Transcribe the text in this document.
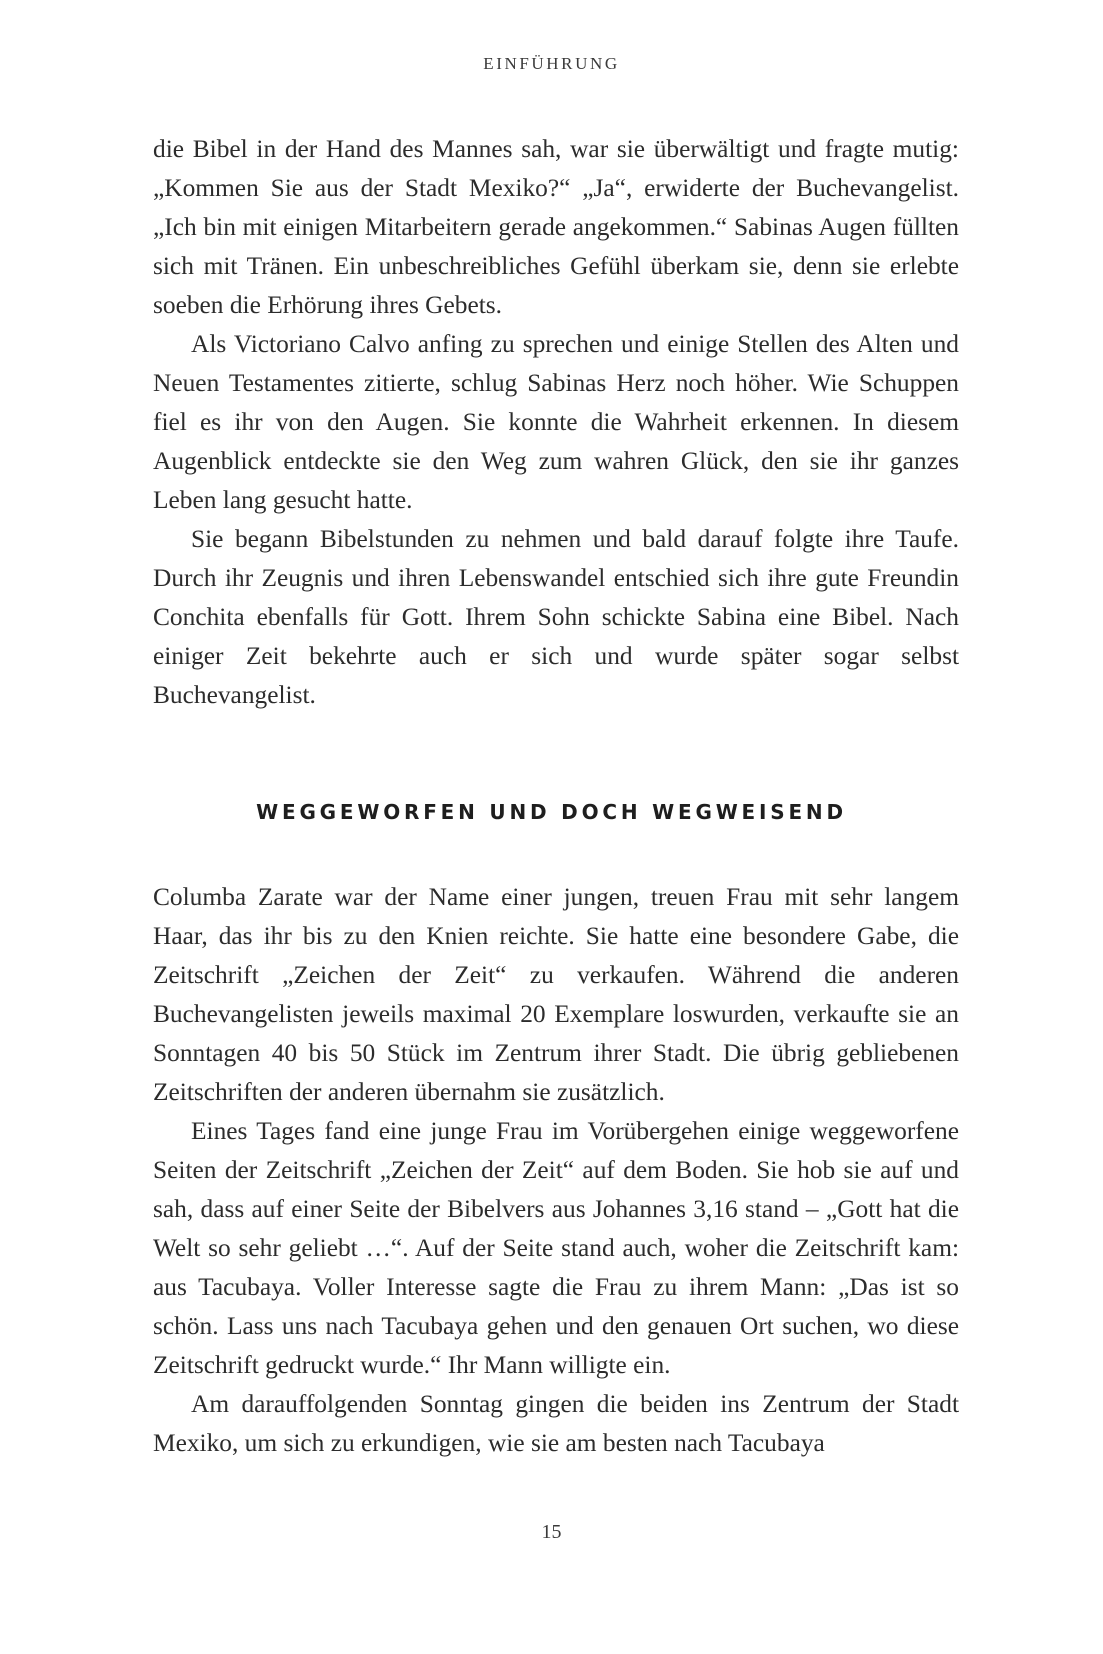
EINFÜHRUNG

die Bibel in der Hand des Mannes sah, war sie überwältigt und fragte mutig: „Kommen Sie aus der Stadt Mexiko?“ „Ja“, erwiderte der Buchevangelist. „Ich bin mit einigen Mitarbeitern gerade angekommen.“ Sabinas Augen füllten sich mit Tränen. Ein unbeschreibliches Gefühl überkam sie, denn sie erlebte soeben die Erhörung ihres Gebets.

Als Victoriano Calvo anfing zu sprechen und einige Stellen des Alten und Neuen Testamentes zitierte, schlug Sabinas Herz noch höher. Wie Schuppen fiel es ihr von den Augen. Sie konnte die Wahrheit erkennen. In diesem Augenblick entdeckte sie den Weg zum wahren Glück, den sie ihr ganzes Leben lang gesucht hatte.

Sie begann Bibelstunden zu nehmen und bald darauf folgte ihre Taufe. Durch ihr Zeugnis und ihren Lebenswandel entschied sich ihre gute Freundin Conchita ebenfalls für Gott. Ihrem Sohn schickte Sabina eine Bibel. Nach einiger Zeit bekehrte auch er sich und wurde später sogar selbst Buchevangelist.

WEGGEWORFEN UND DOCH WEGWEISEND

Columba Zarate war der Name einer jungen, treuen Frau mit sehr langem Haar, das ihr bis zu den Knien reichte. Sie hatte eine besondere Gabe, die Zeitschrift „Zeichen der Zeit“ zu verkaufen. Während die anderen Buchevangelisten jeweils maximal 20 Exemplare loswurden, verkaufte sie an Sonntagen 40 bis 50 Stück im Zentrum ihrer Stadt. Die übrig gebliebenen Zeitschriften der anderen übernahm sie zusätzlich.

Eines Tages fand eine junge Frau im Vorübergehen einige weggeworfene Seiten der Zeitschrift „Zeichen der Zeit“ auf dem Boden. Sie hob sie auf und sah, dass auf einer Seite der Bibelvers aus Johannes 3,16 stand – „Gott hat die Welt so sehr geliebt …“. Auf der Seite stand auch, woher die Zeitschrift kam: aus Tacubaya. Voller Interesse sagte die Frau zu ihrem Mann: „Das ist so schön. Lass uns nach Tacubaya gehen und den genauen Ort suchen, wo diese Zeitschrift gedruckt wurde.“ Ihr Mann willigte ein.

Am darauffolgenden Sonntag gingen die beiden ins Zentrum der Stadt Mexiko, um sich zu erkundigen, wie sie am besten nach Tacubaya

15
